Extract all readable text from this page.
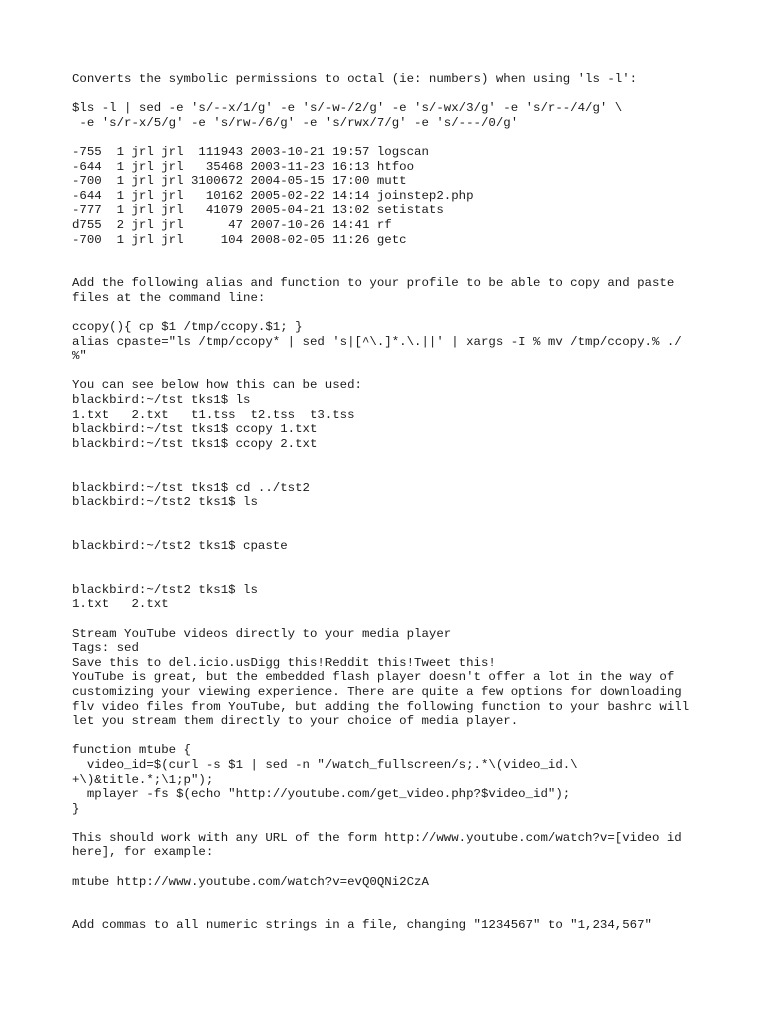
Converts the symbolic permissions to octal (ie: numbers) when using 'ls -l':
$ls -l | sed -e 's/--x/1/g' -e 's/-w-/2/g' -e 's/-wx/3/g' -e 's/r--/4/g' \
-e 's/r-x/5/g' -e 's/rw-/6/g' -e 's/rwx/7/g' -e 's/---/0/g'
-755  1 jrl jrl  111943 2003-10-21 19:57 logscan
-644  1 jrl jrl   35468 2003-11-23 16:13 htfoo
-700  1 jrl jrl 3100672 2004-05-15 17:00 mutt
-644  1 jrl jrl   10162 2005-02-22 14:14 joinstep2.php
-777  1 jrl jrl   41079 2005-04-21 13:02 setistats
d755  2 jrl jrl      47 2007-10-26 14:41 rf
-700  1 jrl jrl     104 2008-02-05 11:26 getc
Add the following alias and function to your profile to be able to copy and paste
files at the command line:
ccopy(){ cp $1 /tmp/ccopy.$1; }
alias cpaste="ls /tmp/ccopy* | sed 's|[^\.]*.\.||' | xargs -I % mv /tmp/ccopy.% ./
%"
You can see below how this can be used:
blackbird:~/tst tks1$ ls
1.txt   2.txt   t1.tss  t2.tss  t3.tss
blackbird:~/tst tks1$ ccopy 1.txt
blackbird:~/tst tks1$ ccopy 2.txt
blackbird:~/tst tks1$ cd ../tst2
blackbird:~/tst2 tks1$ ls
blackbird:~/tst2 tks1$ cpaste
blackbird:~/tst2 tks1$ ls
1.txt   2.txt
Stream YouTube videos directly to your media player
Tags: sed
Save this to del.icio.usDigg this!Reddit this!Tweet this!
YouTube is great, but the embedded flash player doesn't offer a lot in the way of
customizing your viewing experience. There are quite a few options for downloading
flv video files from YouTube, but adding the following function to your bashrc will
let you stream them directly to your choice of media player.
function mtube {
video_id=$(curl -s $1 | sed -n "/watch_fullscreen/s;.*\(video_id.\
+\)&title.*;\1;p");
mplayer -fs $(echo "http://youtube.com/get_video.php?$video_id");
}
This should work with any URL of the form http://www.youtube.com/watch?v=[video id
here], for example:
mtube http://www.youtube.com/watch?v=evQ0QNi2CzA
Add commas to all numeric strings in a file, changing "1234567" to "1,234,567"
